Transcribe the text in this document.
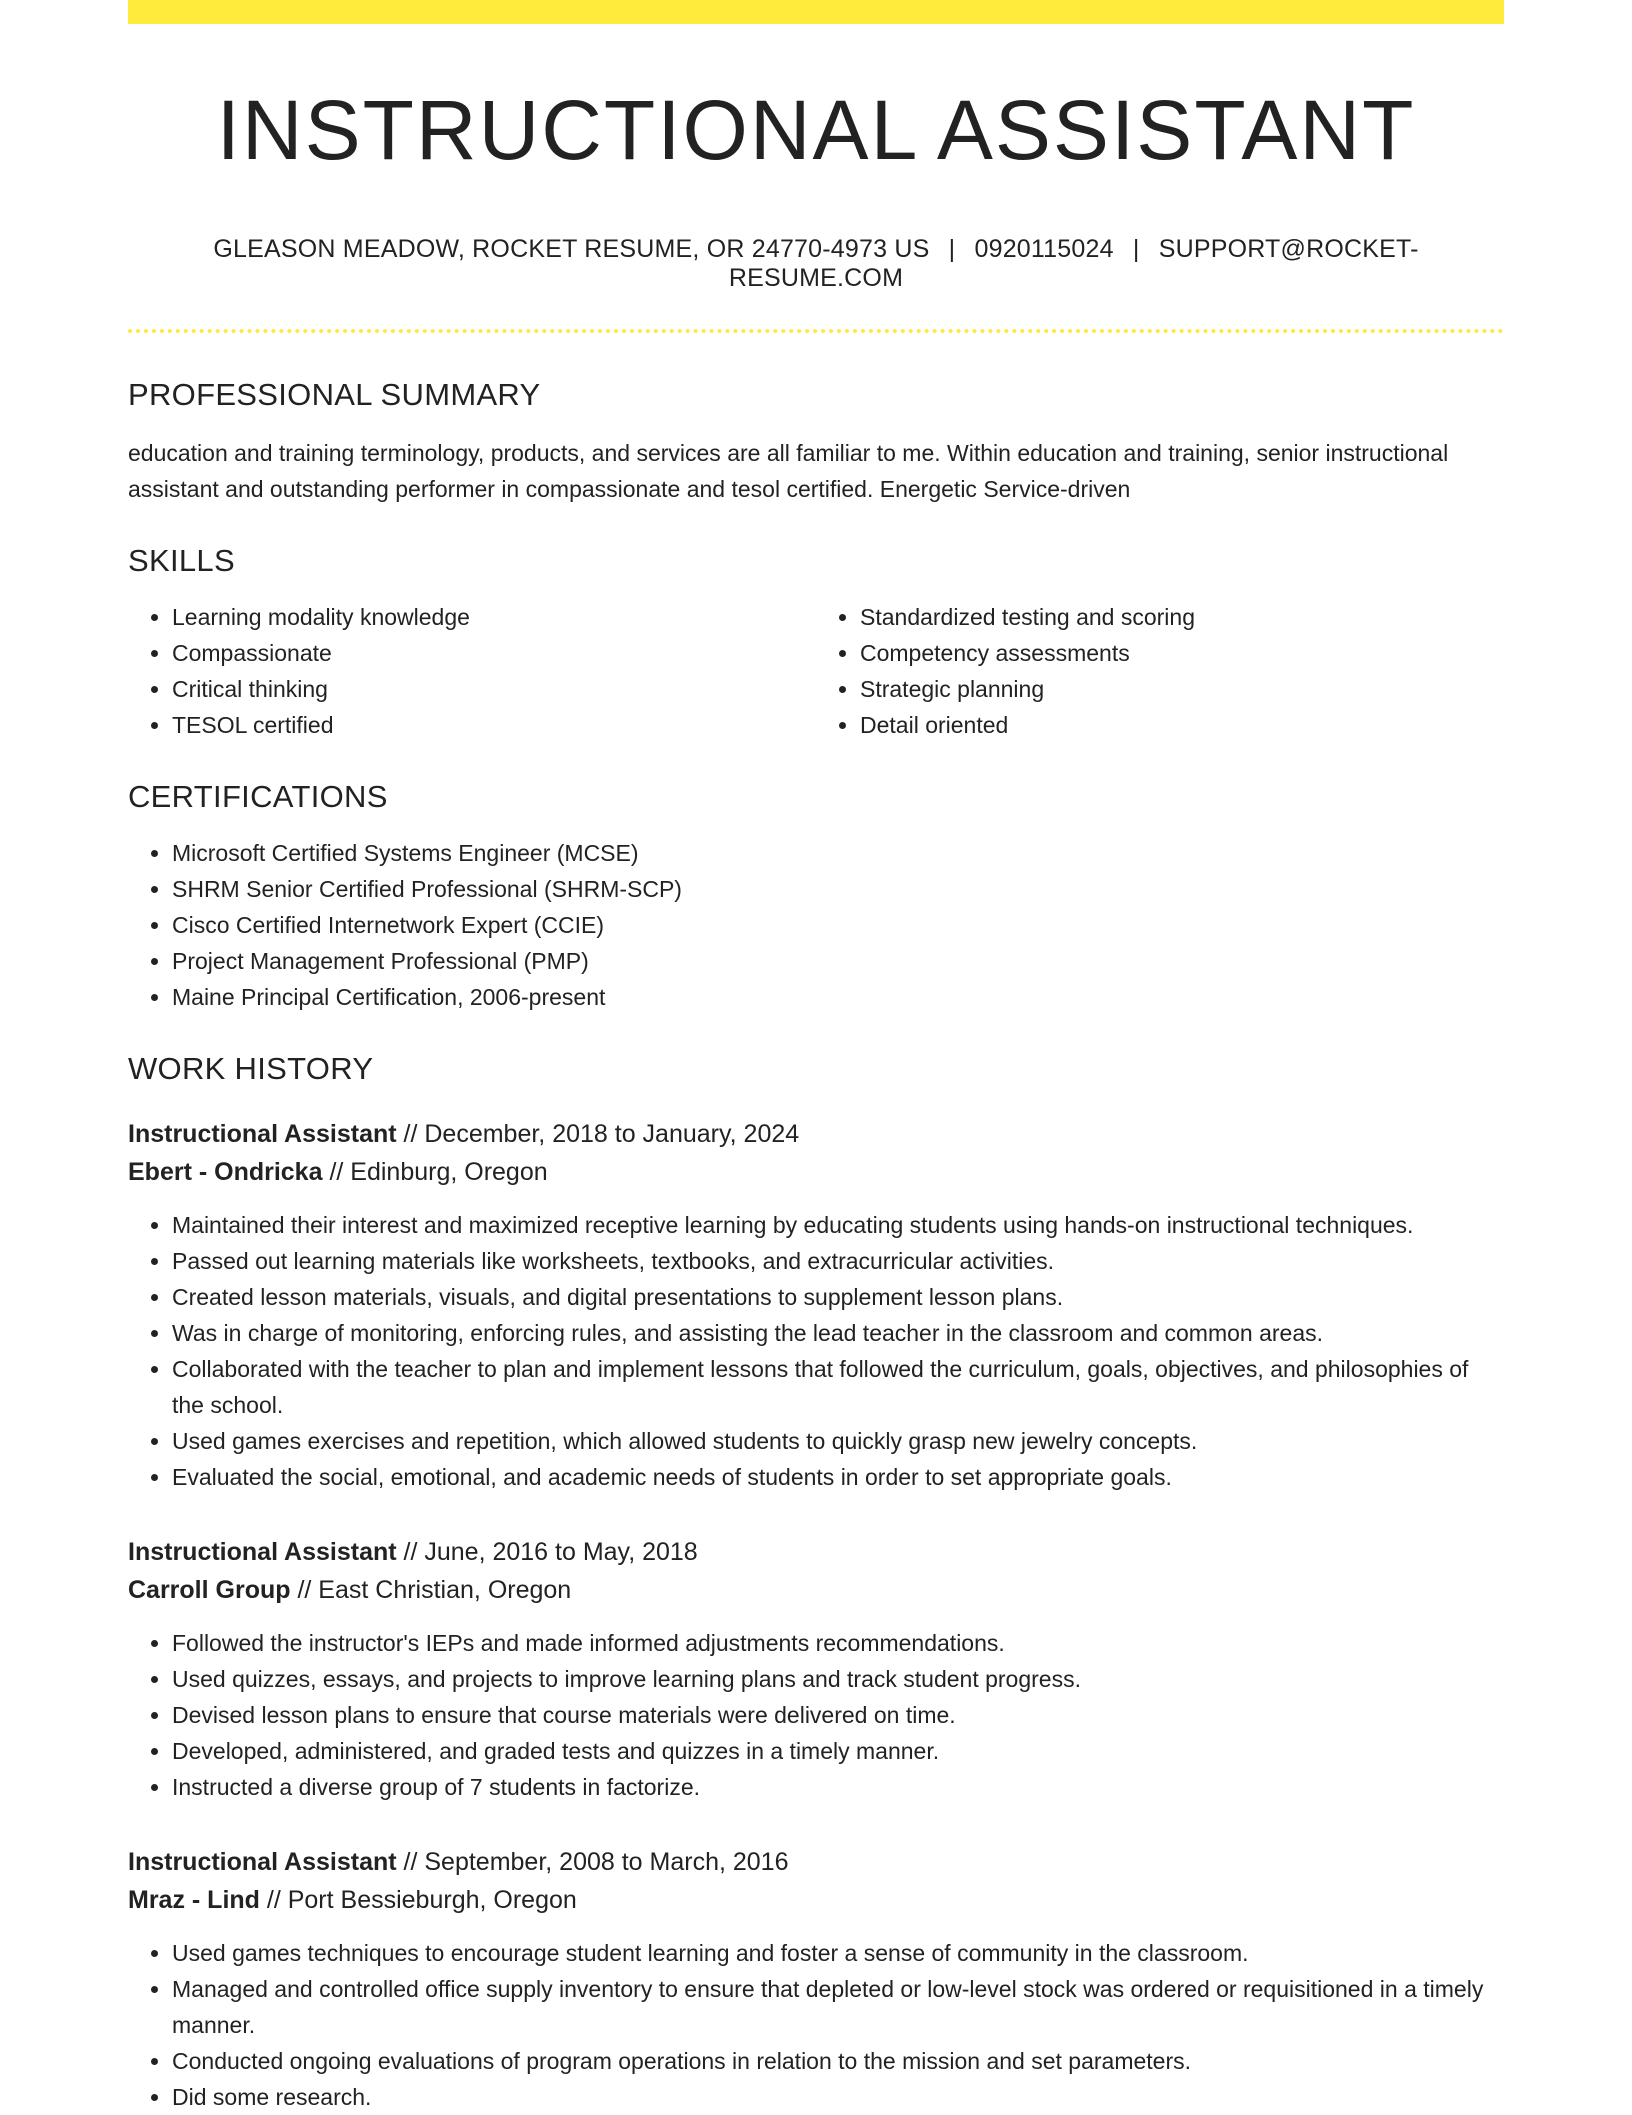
INSTRUCTIONAL ASSISTANT
GLEASON MEADOW, ROCKET RESUME, OR 24770-4973 US | 0920115024 | SUPPORT@ROCKET-RESUME.COM
PROFESSIONAL SUMMARY

education and training terminology, products, and services are all familiar to me. Within education and training, senior instructional assistant and outstanding performer in compassionate and tesol certified. Energetic Service-driven

SKILLS
• Learning modality knowledge
• Compassionate
• Critical thinking
• TESOL certified
• Standardized testing and scoring
• Competency assessments
• Strategic planning
• Detail oriented
CERTIFICATIONS
• Microsoft Certified Systems Engineer (MCSE)
• SHRM Senior Certified Professional (SHRM-SCP)
• Cisco Certified Internetwork Expert (CCIE)
• Project Management Professional (PMP)
• Maine Principal Certification, 2006-present
WORK HISTORY
Instructional Assistant // December, 2018 to January, 2024
Ebert - Ondricka // Edinburg, Oregon
• Maintained their interest and maximized receptive learning by educating students using hands-on instructional techniques.
• Passed out learning materials like worksheets, textbooks, and extracurricular activities.
• Created lesson materials, visuals, and digital presentations to supplement lesson plans.
• Was in charge of monitoring, enforcing rules, and assisting the lead teacher in the classroom and common areas.
• Collaborated with the teacher to plan and implement lessons that followed the curriculum, goals, objectives, and philosophies of the school.
• Used games exercises and repetition, which allowed students to quickly grasp new jewelry concepts.
• Evaluated the social, emotional, and academic needs of students in order to set appropriate goals.
Instructional Assistant // June, 2016 to May, 2018
Carroll Group // East Christian, Oregon
• Followed the instructor's IEPs and made informed adjustments recommendations.
• Used quizzes, essays, and projects to improve learning plans and track student progress.
• Devised lesson plans to ensure that course materials were delivered on time.
• Developed, administered, and graded tests and quizzes in a timely manner.
• Instructed a diverse group of 7 students in factorize.
Instructional Assistant // September, 2008 to March, 2016
Mraz - Lind // Port Bessieburgh, Oregon
• Used games techniques to encourage student learning and foster a sense of community in the classroom.
• Managed and controlled office supply inventory to ensure that depleted or low-level stock was ordered or requisitioned in a timely manner.
• Conducted ongoing evaluations of program operations in relation to the mission and set parameters.
• Did some research.
